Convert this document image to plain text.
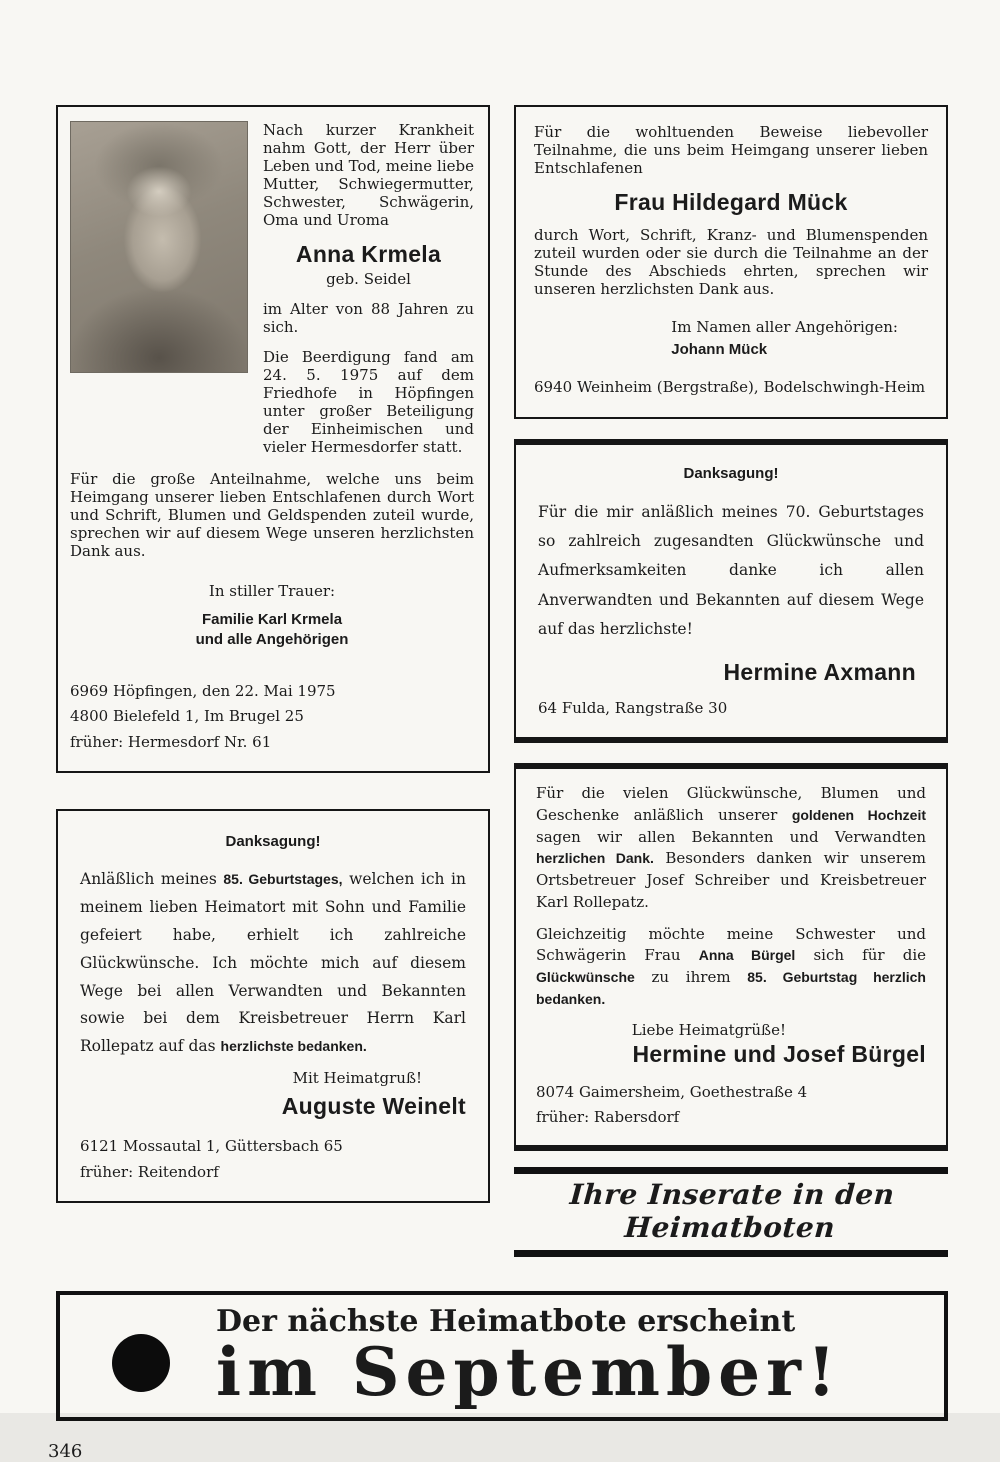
Nach kurzer Krankheit nahm Gott, der Herr über Leben und Tod, meine liebe Mutter, Schwiegermutter, Schwester, Schwägerin, Oma und Uroma

Anna Krmela

geb. Seidel

im Alter von 88 Jahren zu sich.

Die Beerdigung fand am 24. 5. 1975 auf dem Friedhofe in Höpfingen unter großer Beteiligung der Einheimischen und vieler Hermesdorfer statt.

Für die große Anteilnahme, welche uns beim Heimgang unserer lieben Entschlafenen durch Wort und Schrift, Blumen und Geldspenden zuteil wurde, sprechen wir auf diesem Wege unseren herzlichsten Dank aus.

In stiller Trauer:

Familie Karl Krmela
und alle Angehörigen

6969 Höpfingen, den 22. Mai 1975

4800 Bielefeld 1, Im Brugel 25

früher: Hermesdorf Nr. 61

Danksagung!

Anläßlich meines 85. Geburtstages, welchen ich in meinem lieben Heimatort mit Sohn und Familie gefeiert habe, erhielt ich zahlreiche Glückwünsche. Ich möchte mich auf diesem Wege bei allen Verwandten und Bekannten sowie bei dem Kreisbetreuer Herrn Karl Rollepatz auf das herzlichste bedanken.

Mit Heimatgruß!

Auguste Weinelt

6121 Mossautal 1, Güttersbach 65

früher: Reitendorf

Für die wohltuenden Beweise liebevoller Teilnahme, die uns beim Heimgang unserer lieben Entschlafenen

Frau Hildegard Mück

durch Wort, Schrift, Kranz- und Blumenspenden zuteil wurden oder sie durch die Teilnahme an der Stunde des Abschieds ehrten, sprechen wir unseren herzlichsten Dank aus.

Im Namen aller Angehörigen:

Johann Mück

6940 Weinheim (Bergstraße), Bodelschwingh-Heim

Danksagung!

Für die mir anläßlich meines 70. Geburtstages so zahlreich zugesandten Glückwünsche und Aufmerksamkeiten danke ich allen Anverwandten und Bekannten auf diesem Wege auf das herzlichste!

Hermine Axmann

64 Fulda, Rangstraße 30

Für die vielen Glückwünsche, Blumen und Geschenke anläßlich unserer goldenen Hochzeit sagen wir allen Bekannten und Verwandten herzlichen Dank. Besonders danken wir unserem Ortsbetreuer Josef Schreiber und Kreisbetreuer Karl Rollepatz.

Gleichzeitig möchte meine Schwester und Schwägerin Frau Anna Bürgel sich für die Glückwünsche zu ihrem 85. Geburtstag herzlich bedanken.

Liebe Heimatgrüße!

Hermine und Josef Bürgel

8074 Gaimersheim, Goethestraße 4

früher: Rabersdorf

Ihre Inserate in den Heimatboten
Der nächste Heimatbote erscheint
im September!
346
